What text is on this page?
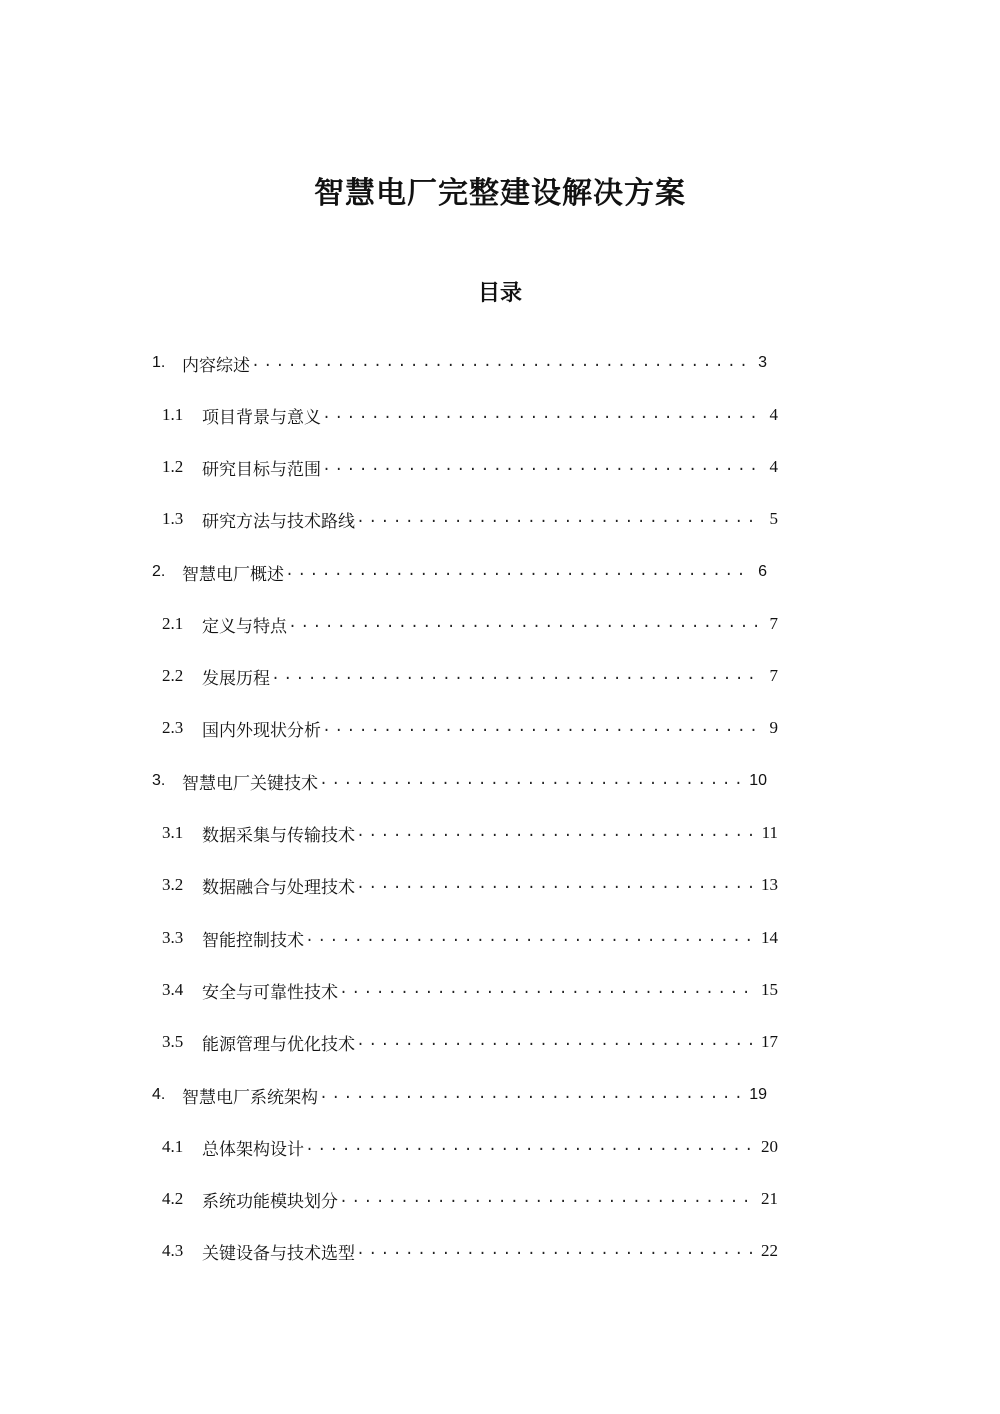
智慧电厂完整建设解决方案
目录
1. 内容综述 .....	3
1.1	项目背景与意义 .....	4
1.2	研究目标与范围 .....	4
1.3	研究方法与技术路线 .....	5
2. 智慧电厂概述 .....	6
2.1	定义与特点 .....	7
2.2	发展历程 .....	7
2.3	国内外现状分析 .....	9
3. 智慧电厂关键技术 .....	10
3.1	数据采集与传输技术 .....	11
3.2	数据融合与处理技术 .....	13
3.3	智能控制技术 .....	14
3.4	安全与可靠性技术 .....	15
3.5	能源管理与优化技术 .....	17
4. 智慧电厂系统架构 .....	19
4.1	总体架构设计 .....	20
4.2	系统功能模块划分 .....	21
4.3	关键设备与技术选型 .....	22
